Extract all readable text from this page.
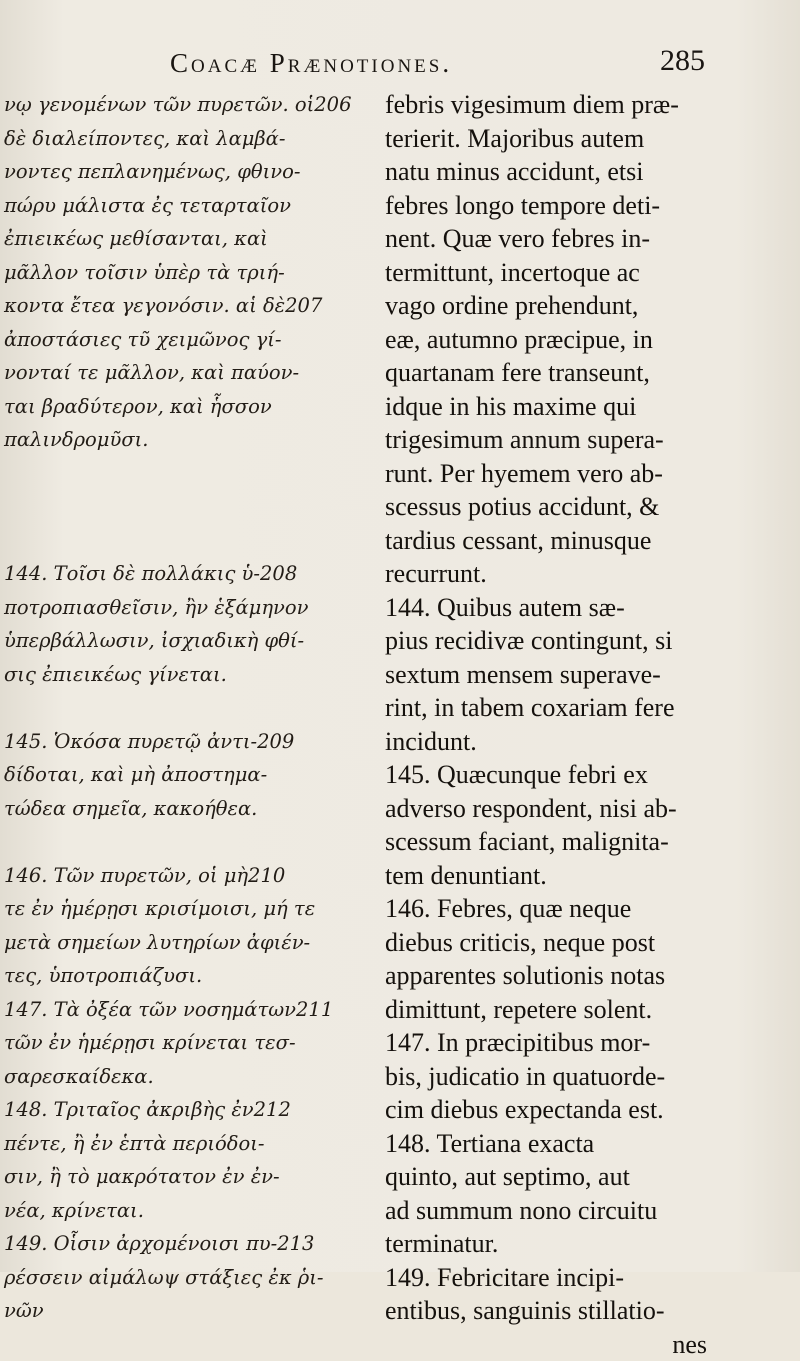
Coacæ Prænotiones.	285
νῳ γενομένων τῶν πυρετῶν. οἱ206
δὲ διαλείποντες, καὶ λαμβά-
νοντες πεπλανημένως, φθινο-
πώρυ μάλιστα ἐς τεταρταῖον
ἐπιεικέως μεθίσανται, καὶ
μᾶλλον τοῖσιν ὑπὲρ τὰ τριή-
κοντα ἔτεα γεγονόσιν. αἱ δὲ207
ἀποστάσιες τῦ χειμῶνος γί-
νονταί τε μᾶλλον, καὶ παύον-
ται βραδύτερον, καὶ ἧσσον
παλινδρομῦσι.

144. Τοῖσι δὲ πολλάκις ὑ-208
ποτροπιασθεῖσιν, ἢν ἑξάμηνον
ὑπερβάλλωσιν, ἰσχιαδικὴ φθί-
σις ἐπιεικέως γίνεται.

145. Ὁκόσα πυρετῷ ἀντι-209
δίδοται, καὶ μὴ ἀποστημα-
τώδεα σημεῖα, κακοήθεα.

146. Τῶν πυρετῶν, οἱ μὴ210
τε ἐν ἡμέρῃσι κρισίμοισι, μή τε
μετὰ σημείων λυτηρίων ἀφιέν-
τες, ὑποτροπιάζυσι.
147. Τὰ ὀξέα τῶν νοσημάτων211
τῶν ἐν ἡμέρῃσι κρίνεται τεσ-
σαρεσκαίδεκα.
148. Τριταῖος ἀκριβὴς ἐν212
πέντε, ἢ ἐν ἑπτὰ περιόδοι-
σιν, ἢ τὸ μακρότατον ἐν ἐν-
νέα, κρίνεται.
149. Οἷσιν ἀρχομένοισι πυ-213
ρέσσειν αἱμάλωψ στάξιες ἐκ ῥι-
νῶν
febris vigesimum diem præ-
terierit. Majoribus autem
natu minus accidunt, etsi
febres longo tempore deti-
nent. Quæ vero febres in-
termittunt, incertoque ac
vago ordine prehendunt,
eæ, autumno præcipue, in
quartanam fere transeunt,
idque in his maxime qui
trigesimum annum supera-
runt. Per hyemem vero ab-
scessus potius accidunt, &
tardius cessant, minusque
recurrunt.
144. Quibus autem sæ-
pius recidivæ contingunt, si
sextum mensem superave-
rint, in tabem coxariam fere
incidunt.
145. Quæcunque febri ex
adverso respondent, nisi ab-
scessum faciant, malignita-
tem denuntiant.
146. Febres, quæ neque
diebus criticis, neque post
apparentes solutionis notas
dimittunt, repetere solent.
147. In præcipitibus mor-
bis, judicatio in quatuorde-
cim diebus expectanda est.
148. Tertiana exacta
quinto, aut septimo, aut
ad summum nono circuitu
terminatur.
149. Febricitare incipi-
entibus, sanguinis stillatio-
nes
